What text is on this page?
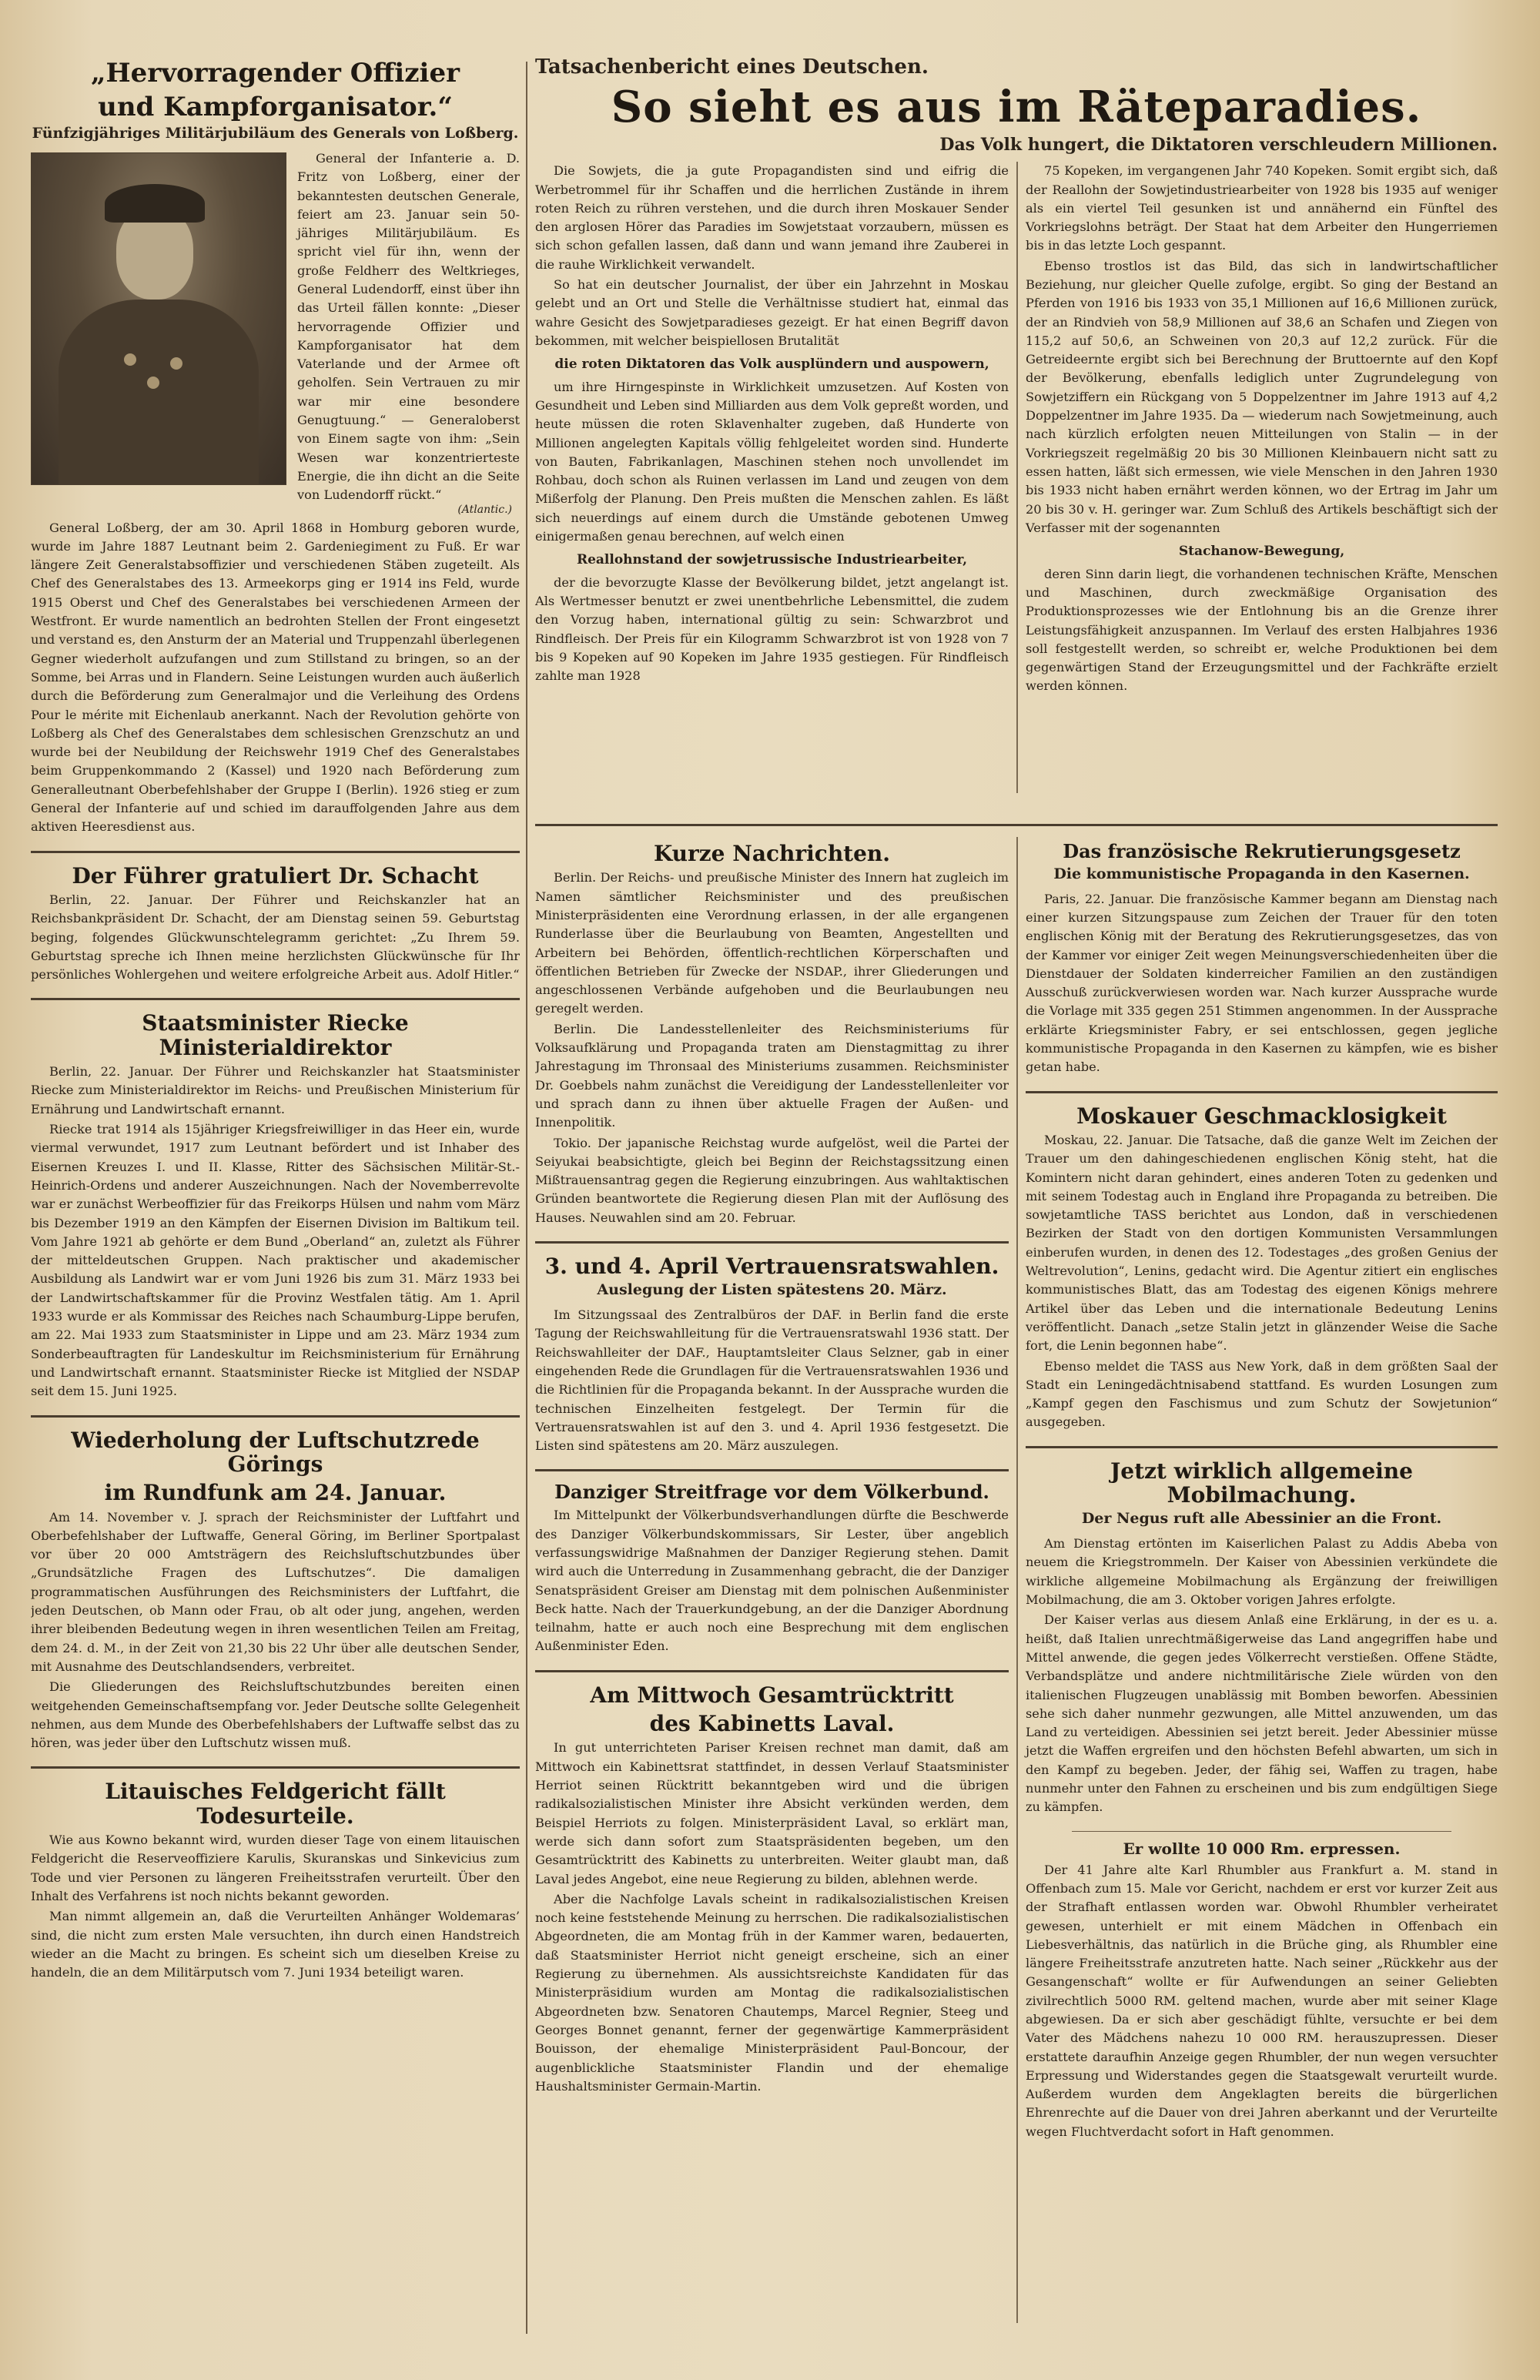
„Hervorragender Offizier
und Kampforganisator.“
Fünfzigjähriges Militärjubiläum des Generals von Loßberg.

General der Infanterie a. D. Fritz von Loßberg, einer der bekanntesten deutschen Generale, feiert am 23. Januar sein 50-jähriges Militärjubiläum. Es spricht viel für ihn, wenn der große Feldherr des Weltkrieges, General Ludendorff, einst über ihn das Urteil fällen konnte: „Dieser hervorragende Offizier und Kampforganisator hat dem Vaterlande und der Armee oft geholfen. Sein Vertrauen zu mir war mir eine besondere Genugtuung.“ — Generaloberst von Einem sagte von ihm: „Sein Wesen war konzentrierteste Energie, die ihn dicht an die Seite von Ludendorff rückt.“

(Atlantic.)

General Loßberg, der am 30. April 1868 in Homburg geboren wurde, wurde im Jahre 1887 Leutnant beim 2. Gardeniegiment zu Fuß. Er war längere Zeit Generalstabsoffizier und verschiedenen Stäben zugeteilt. Als Chef des Generalstabes des 13. Armeekorps ging er 1914 ins Feld, wurde 1915 Oberst und Chef des Generalstabes bei verschiedenen Armeen der Westfront. Er wurde namentlich an bedrohten Stellen der Front eingesetzt und verstand es, den Ansturm der an Material und Truppenzahl überlegenen Gegner wiederholt aufzufangen und zum Stillstand zu bringen, so an der Somme, bei Arras und in Flandern. Seine Leistungen wurden auch äußerlich durch die Beförderung zum Generalmajor und die Verleihung des Ordens Pour le mérite mit Eichenlaub anerkannt. Nach der Revolution gehörte von Loßberg als Chef des Generalstabes dem schlesischen Grenzschutz an und wurde bei der Neubildung der Reichswehr 1919 Chef des Generalstabes beim Gruppenkommando 2 (Kassel) und 1920 nach Beförderung zum Generalleutnant Oberbefehlshaber der Gruppe I (Berlin). 1926 stieg er zum General der Infanterie auf und schied im darauffolgenden Jahre aus dem aktiven Heeresdienst aus.

Der Führer gratuliert Dr. Schacht

Berlin, 22. Januar. Der Führer und Reichskanzler hat an Reichsbankpräsident Dr. Schacht, der am Dienstag seinen 59. Geburtstag beging, folgendes Glückwunschtelegramm gerichtet: „Zu Ihrem 59. Geburtstag spreche ich Ihnen meine herzlichsten Glückwünsche für Ihr persönliches Wohlergehen und weitere erfolgreiche Arbeit aus. Adolf Hitler.“

Staatsminister Riecke Ministerialdirektor

Berlin, 22. Januar. Der Führer und Reichskanzler hat Staatsminister Riecke zum Ministerialdirektor im Reichs- und Preußischen Ministerium für Ernährung und Landwirtschaft ernannt.

Riecke trat 1914 als 15jähriger Kriegsfreiwilliger in das Heer ein, wurde viermal verwundet, 1917 zum Leutnant befördert und ist Inhaber des Eisernen Kreuzes I. und II. Klasse, Ritter des Sächsischen Militär-St.-Heinrich-Ordens und anderer Auszeichnungen. Nach der Novemberrevolte war er zunächst Werbeoffizier für das Freikorps Hülsen und nahm vom März bis Dezember 1919 an den Kämpfen der Eisernen Division im Baltikum teil. Vom Jahre 1921 ab gehörte er dem Bund „Oberland“ an, zuletzt als Führer der mitteldeutschen Gruppen. Nach praktischer und akademischer Ausbildung als Landwirt war er vom Juni 1926 bis zum 31. März 1933 bei der Landwirtschaftskammer für die Provinz Westfalen tätig. Am 1. April 1933 wurde er als Kommissar des Reiches nach Schaumburg-Lippe berufen, am 22. Mai 1933 zum Staatsminister in Lippe und am 23. März 1934 zum Sonderbeauftragten für Landeskultur im Reichsministerium für Ernährung und Landwirtschaft ernannt. Staatsminister Riecke ist Mitglied der NSDAP seit dem 15. Juni 1925.

Wiederholung der Luftschutzrede Görings
im Rundfunk am 24. Januar.

Am 14. November v. J. sprach der Reichsminister der Luftfahrt und Oberbefehlshaber der Luftwaffe, General Göring, im Berliner Sportpalast vor über 20 000 Amtsträgern des Reichsluftschutzbundes über „Grundsätzliche Fragen des Luftschutzes“. Die damaligen programmatischen Ausführungen des Reichsministers der Luftfahrt, die jeden Deutschen, ob Mann oder Frau, ob alt oder jung, angehen, werden ihrer bleibenden Bedeutung wegen in ihren wesentlichen Teilen am Freitag, dem 24. d. M., in der Zeit von 21,30 bis 22 Uhr über alle deutschen Sender, mit Ausnahme des Deutschlandsenders, verbreitet.

Die Gliederungen des Reichsluftschutzbundes bereiten einen weitgehenden Gemeinschaftsempfang vor. Jeder Deutsche sollte Gelegenheit nehmen, aus dem Munde des Oberbefehlshabers der Luftwaffe selbst das zu hören, was jeder über den Luftschutz wissen muß.

Litauisches Feldgericht fällt Todesurteile.

Wie aus Kowno bekannt wird, wurden dieser Tage von einem litauischen Feldgericht die Reserveoffiziere Karulis, Skuranskas und Sinkevicius zum Tode und vier Personen zu längeren Freiheitsstrafen verurteilt. Über den Inhalt des Verfahrens ist noch nichts bekannt geworden.

Man nimmt allgemein an, daß die Verurteilten Anhänger Woldemaras’ sind, die nicht zum ersten Male versuchten, ihn durch einen Handstreich wieder an die Macht zu bringen. Es scheint sich um dieselben Kreise zu handeln, die an dem Militärputsch vom 7. Juni 1934 beteiligt waren.

Tatsachenbericht eines Deutschen.
So sieht es aus im Räteparadies.
Das Volk hungert, die Diktatoren verschleudern Millionen.

Die Sowjets, die ja gute Propagandisten sind und eifrig die Werbetrommel für ihr Schaffen und die herrlichen Zustände in ihrem roten Reich zu rühren verstehen, und die durch ihren Moskauer Sender den arglosen Hörer das Paradies im Sowjetstaat vorzaubern, müssen es sich schon gefallen lassen, daß dann und wann jemand ihre Zauberei in die rauhe Wirklichkeit verwandelt.

So hat ein deutscher Journalist, der über ein Jahrzehnt in Moskau gelebt und an Ort und Stelle die Verhältnisse studiert hat, einmal das wahre Gesicht des Sowjetparadieses gezeigt. Er hat einen Begriff davon bekommen, mit welcher beispiellosen Brutalität

die roten Diktatoren das Volk ausplündern und auspowern,

um ihre Hirngespinste in Wirklichkeit umzusetzen. Auf Kosten von Gesundheit und Leben sind Milliarden aus dem Volk gepreßt worden, und heute müssen die roten Sklavenhalter zugeben, daß Hunderte von Millionen angelegten Kapitals völlig fehlgeleitet worden sind. Hunderte von Bauten, Fabrikanlagen, Maschinen stehen noch unvollendet im Rohbau, doch schon als Ruinen verlassen im Land und zeugen von dem Mißerfolg der Planung. Den Preis mußten die Menschen zahlen. Es läßt sich neuerdings auf einem durch die Umstände gebotenen Umweg einigermaßen genau berechnen, auf welch einen

Reallohnstand der sowjetrussische Industriearbeiter,

der die bevorzugte Klasse der Bevölkerung bildet, jetzt angelangt ist. Als Wertmesser benutzt er zwei unentbehrliche Lebensmittel, die zudem den Vorzug haben, international gültig zu sein: Schwarzbrot und Rindfleisch. Der Preis für ein Kilogramm Schwarzbrot ist von 1928 von 7 bis 9 Kopeken auf 90 Kopeken im Jahre 1935 gestiegen. Für Rindfleisch zahlte man 1928

75 Kopeken, im vergangenen Jahr 740 Kopeken. Somit ergibt sich, daß der Reallohn der Sowjetindustriearbeiter von 1928 bis 1935 auf weniger als ein viertel Teil gesunken ist und annähernd ein Fünftel des Vorkriegslohns beträgt. Der Staat hat dem Arbeiter den Hungerriemen bis in das letzte Loch gespannt.

Ebenso trostlos ist das Bild, das sich in landwirtschaftlicher Beziehung, nur gleicher Quelle zufolge, ergibt. So ging der Bestand an Pferden von 1916 bis 1933 von 35,1 Millionen auf 16,6 Millionen zurück, der an Rindvieh von 58,9 Millionen auf 38,6 an Schafen und Ziegen von 115,2 auf 50,6, an Schweinen von 20,3 auf 12,2 zurück. Für die Getreideernte ergibt sich bei Berechnung der Bruttoernte auf den Kopf der Bevölkerung, ebenfalls lediglich unter Zugrundelegung von Sowjetziffern ein Rückgang von 5 Doppelzentner im Jahre 1913 auf 4,2 Doppelzentner im Jahre 1935. Da — wiederum nach Sowjetmeinung, auch nach kürzlich erfolgten neuen Mitteilungen von Stalin — in der Vorkriegszeit regelmäßig 20 bis 30 Millionen Kleinbauern nicht satt zu essen hatten, läßt sich ermessen, wie viele Menschen in den Jahren 1930 bis 1933 nicht haben ernährt werden können, wo der Ertrag im Jahr um 20 bis 30 v. H. geringer war. Zum Schluß des Artikels beschäftigt sich der Verfasser mit der sogenannten

Stachanow-Bewegung,

deren Sinn darin liegt, die vorhandenen technischen Kräfte, Menschen und Maschinen, durch zweckmäßige Organisation des Produktionsprozesses wie der Entlohnung bis an die Grenze ihrer Leistungsfähigkeit anzuspannen. Im Verlauf des ersten Halbjahres 1936 soll festgestellt werden, so schreibt er, welche Produktionen bei dem gegenwärtigen Stand der Erzeugungsmittel und der Fachkräfte erzielt werden können.

Kurze Nachrichten.

Berlin. Der Reichs- und preußische Minister des Innern hat zugleich im Namen sämtlicher Reichsminister und des preußischen Ministerpräsidenten eine Verordnung erlassen, in der alle ergangenen Runderlasse über die Beurlaubung von Beamten, Angestellten und Arbeitern bei Behörden, öffentlich-rechtlichen Körperschaften und öffentlichen Betrieben für Zwecke der NSDAP., ihrer Gliederungen und angeschlossenen Verbände aufgehoben und die Beurlaubungen neu geregelt werden.

Berlin. Die Landesstellenleiter des Reichsministeriums für Volksaufklärung und Propaganda traten am Dienstagmittag zu ihrer Jahrestagung im Thronsaal des Ministeriums zusammen. Reichsminister Dr. Goebbels nahm zunächst die Vereidigung der Landesstellenleiter vor und sprach dann zu ihnen über aktuelle Fragen der Außen- und Innenpolitik.

Tokio. Der japanische Reichstag wurde aufgelöst, weil die Partei der Seiyukai beabsichtigte, gleich bei Beginn der Reichstagssitzung einen Mißtrauensantrag gegen die Regierung einzubringen. Aus wahltaktischen Gründen beantwortete die Regierung diesen Plan mit der Auflösung des Hauses. Neuwahlen sind am 20. Februar.

3. und 4. April Vertrauensratswahlen.
Auslegung der Listen spätestens 20. März.

Im Sitzungssaal des Zentralbüros der DAF. in Berlin fand die erste Tagung der Reichswahlleitung für die Vertrauensratswahl 1936 statt. Der Reichswahlleiter der DAF., Hauptamtsleiter Claus Selzner, gab in einer eingehenden Rede die Grundlagen für die Vertrauensratswahlen 1936 und die Richtlinien für die Propaganda bekannt. In der Aussprache wurden die technischen Einzelheiten festgelegt. Der Termin für die Vertrauensratswahlen ist auf den 3. und 4. April 1936 festgesetzt. Die Listen sind spätestens am 20. März auszulegen.

Danziger Streitfrage vor dem Völkerbund.

Im Mittelpunkt der Völkerbundsverhandlungen dürfte die Beschwerde des Danziger Völkerbundskommissars, Sir Lester, über angeblich verfassungswidrige Maßnahmen der Danziger Regierung stehen. Damit wird auch die Unterredung in Zusammenhang gebracht, die der Danziger Senatspräsident Greiser am Dienstag mit dem polnischen Außenminister Beck hatte. Nach der Trauerkundgebung, an der die Danziger Abordnung teilnahm, hatte er auch noch eine Besprechung mit dem englischen Außenminister Eden.

Am Mittwoch Gesamtrücktritt
des Kabinetts Laval.

In gut unterrichteten Pariser Kreisen rechnet man damit, daß am Mittwoch ein Kabinettsrat stattfindet, in dessen Verlauf Staatsminister Herriot seinen Rücktritt bekanntgeben wird und die übrigen radikalsozialistischen Minister ihre Absicht verkünden werden, dem Beispiel Herriots zu folgen. Ministerpräsident Laval, so erklärt man, werde sich dann sofort zum Staatspräsidenten begeben, um den Gesamtrücktritt des Kabinetts zu unterbreiten. Weiter glaubt man, daß Laval jedes Angebot, eine neue Regierung zu bilden, ablehnen werde.

Aber die Nachfolge Lavals scheint in radikalsozialistischen Kreisen noch keine feststehende Meinung zu herrschen. Die radikalsozialistischen Abgeordneten, die am Montag früh in der Kammer waren, bedauerten, daß Staatsminister Herriot nicht geneigt erscheine, sich an einer Regierung zu übernehmen. Als aussichtsreichste Kandidaten für das Ministerpräsidium wurden am Montag die radikalsozialistischen Abgeordneten bzw. Senatoren Chautemps, Marcel Regnier, Steeg und Georges Bonnet genannt, ferner der gegenwärtige Kammerpräsident Bouisson, der ehemalige Ministerpräsident Paul-Boncour, der augenblickliche Staatsminister Flandin und der ehemalige Haushaltsminister Germain-Martin.

Das französische Rekrutierungsgesetz
Die kommunistische Propaganda in den Kasernen.

Paris, 22. Januar. Die französische Kammer begann am Dienstag nach einer kurzen Sitzungspause zum Zeichen der Trauer für den toten englischen König mit der Beratung des Rekrutierungsgesetzes, das von der Kammer vor einiger Zeit wegen Meinungsverschiedenheiten über die Dienstdauer der Soldaten kinderreicher Familien an den zuständigen Ausschuß zurückverwiesen worden war. Nach kurzer Aussprache wurde die Vorlage mit 335 gegen 251 Stimmen angenommen. In der Aussprache erklärte Kriegsminister Fabry, er sei entschlossen, gegen jegliche kommunistische Propaganda in den Kasernen zu kämpfen, wie es bisher getan habe.

Moskauer Geschmacklosigkeit

Moskau, 22. Januar. Die Tatsache, daß die ganze Welt im Zeichen der Trauer um den dahingeschiedenen englischen König steht, hat die Komintern nicht daran gehindert, eines anderen Toten zu gedenken und mit seinem Todestag auch in England ihre Propaganda zu betreiben. Die sowjetamtliche TASS berichtet aus London, daß in verschiedenen Bezirken der Stadt von den dortigen Kommunisten Versammlungen einberufen wurden, in denen des 12. Todestages „des großen Genius der Weltrevolution“, Lenins, gedacht wird. Die Agentur zitiert ein englisches kommunistisches Blatt, das am Todestag des eigenen Königs mehrere Artikel über das Leben und die internationale Bedeutung Lenins veröffentlicht. Danach „setze Stalin jetzt in glänzender Weise die Sache fort, die Lenin begonnen habe“.

Ebenso meldet die TASS aus New York, daß in dem größten Saal der Stadt ein Leningedächtnisabend stattfand. Es wurden Losungen zum „Kampf gegen den Faschismus und zum Schutz der Sowjetunion“ ausgegeben.

Jetzt wirklich allgemeine Mobilmachung.
Der Negus ruft alle Abessinier an die Front.

Am Dienstag ertönten im Kaiserlichen Palast zu Addis Abeba von neuem die Kriegstrommeln. Der Kaiser von Abessinien verkündete die wirkliche allgemeine Mobilmachung als Ergänzung der freiwilligen Mobilmachung, die am 3. Oktober vorigen Jahres erfolgte.

Der Kaiser verlas aus diesem Anlaß eine Erklärung, in der es u. a. heißt, daß Italien unrechtmäßigerweise das Land angegriffen habe und Mittel anwende, die gegen jedes Völkerrecht verstießen. Offene Städte, Verbandsplätze und andere nichtmilitärische Ziele würden von den italienischen Flugzeugen unablässig mit Bomben beworfen. Abessinien sehe sich daher nunmehr gezwungen, alle Mittel anzuwenden, um das Land zu verteidigen. Abessinien sei jetzt bereit. Jeder Abessinier müsse jetzt die Waffen ergreifen und den höchsten Befehl abwarten, um sich in den Kampf zu begeben. Jeder, der fähig sei, Waffen zu tragen, habe nunmehr unter den Fahnen zu erscheinen und bis zum endgültigen Siege zu kämpfen.

Er wollte 10 000 Rm. erpressen.

Der 41 Jahre alte Karl Rhumbler aus Frankfurt a. M. stand in Offenbach zum 15. Male vor Gericht, nachdem er erst vor kurzer Zeit aus der Strafhaft entlassen worden war. Obwohl Rhumbler verheiratet gewesen, unterhielt er mit einem Mädchen in Offenbach ein Liebesverhältnis, das natürlich in die Brüche ging, als Rhumbler eine längere Freiheitsstrafe anzutreten hatte. Nach seiner „Rückkehr aus der Gesangenschaft“ wollte er für Aufwendungen an seiner Geliebten zivilrechtlich 5000 RM. geltend machen, wurde aber mit seiner Klage abgewiesen. Da er sich aber geschädigt fühlte, versuchte er bei dem Vater des Mädchens nahezu 10 000 RM. herauszupressen. Dieser erstattete daraufhin Anzeige gegen Rhumbler, der nun wegen versuchter Erpressung und Widerstandes gegen die Staatsgewalt verurteilt wurde. Außerdem wurden dem Angeklagten bereits die bürgerlichen Ehrenrechte auf die Dauer von drei Jahren aberkannt und der Verurteilte wegen Fluchtverdacht sofort in Haft genommen.
